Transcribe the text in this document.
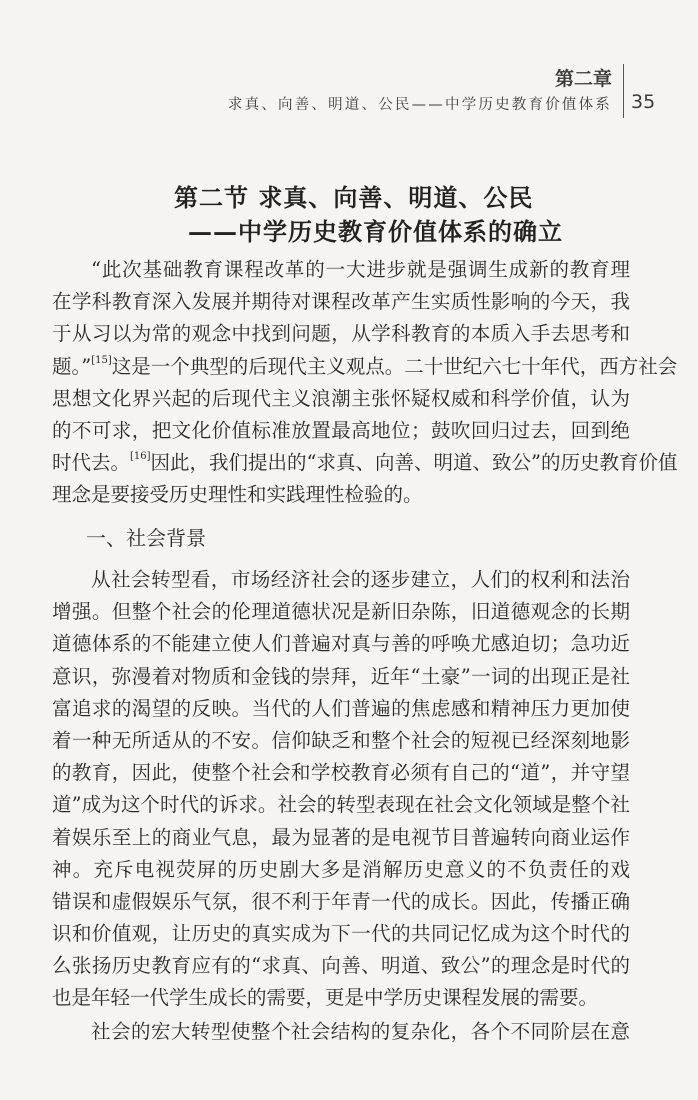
第二章
求真、向善、明道、公民——中学历史教育价值体系 35
第二节 求真、向善、明道、公民
——中学历史教育价值体系的确立
“此次基础教育课程改革的一大进步就是强调生成新的教育理
在学科教育深入发展并期待对课程改革产生实质性影响的今天，我
于从习以为常的观念中找到问题，从学科教育的本质入手去思考和
题。”[15]这是一个典型的后现代主义观点。二十世纪六七十年代，西方社会
思想文化界兴起的后现代主义浪潮主张怀疑权威和科学价值，认为
的不可求，把文化价值标准放置最高地位；鼓吹回归过去，回到绝
时代去。[16]因此，我们提出的“求真、向善、明道、致公”的历史教育价值
理念是要接受历史理性和实践理性检验的。
一、社会背景
从社会转型看，市场经济社会的逐步建立，人们的权利和法治
增强。但整个社会的伦理道德状况是新旧杂陈，旧道德观念的长期
道德体系的不能建立使人们普遍对真与善的呼唤尤感迫切；急功近
意识，弥漫着对物质和金钱的崇拜，近年“土豪”一词的出现正是社
富追求的渴望的反映。当代的人们普遍的焦虑感和精神压力更加使
着一种无所适从的不安。信仰缺乏和整个社会的短视已经深刻地影
的教育，因此，使整个社会和学校教育必须有自己的“道”，并守望
道”成为这个时代的诉求。社会的转型表现在社会文化领域是整个社
着娱乐至上的商业气息，最为显著的是电视节目普遍转向商业运作
神。充斥电视荧屏的历史剧大多是消解历史意义的不负责任的戏
错误和虚假娱乐气氛，很不利于年青一代的成长。因此，传播正确
识和价值观，让历史的真实成为下一代的共同记忆成为这个时代的
么张扬历史教育应有的“求真、向善、明道、致公”的理念是时代的
也是年轻一代学生成长的需要，更是中学历史课程发展的需要。
社会的宏大转型使整个社会结构的复杂化，各个不同阶层在意
